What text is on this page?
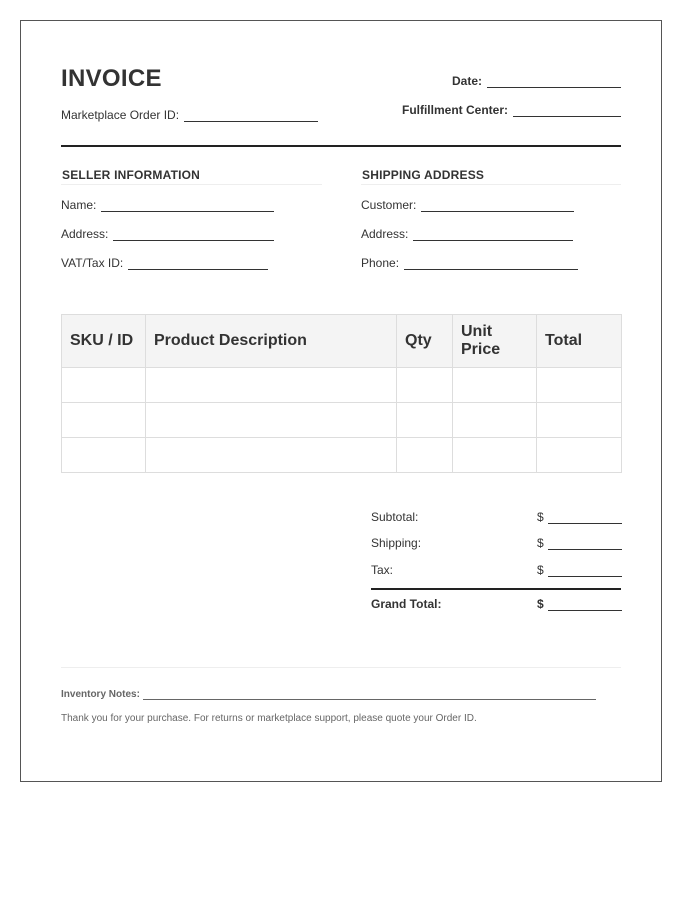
INVOICE
Marketplace Order ID:
Date:
Fulfillment Center:
SELLER INFORMATION
Name:
Address:
VAT/Tax ID:
SHIPPING ADDRESS
Customer:
Address:
Phone:
SKU / ID	Product Description	Qty	Unit Price	Total

Subtotal:	$
Shipping:	$
Tax:	$
Grand Total:	$
Inventory Notes:
Thank you for your purchase. For returns or marketplace support, please quote your Order ID.
